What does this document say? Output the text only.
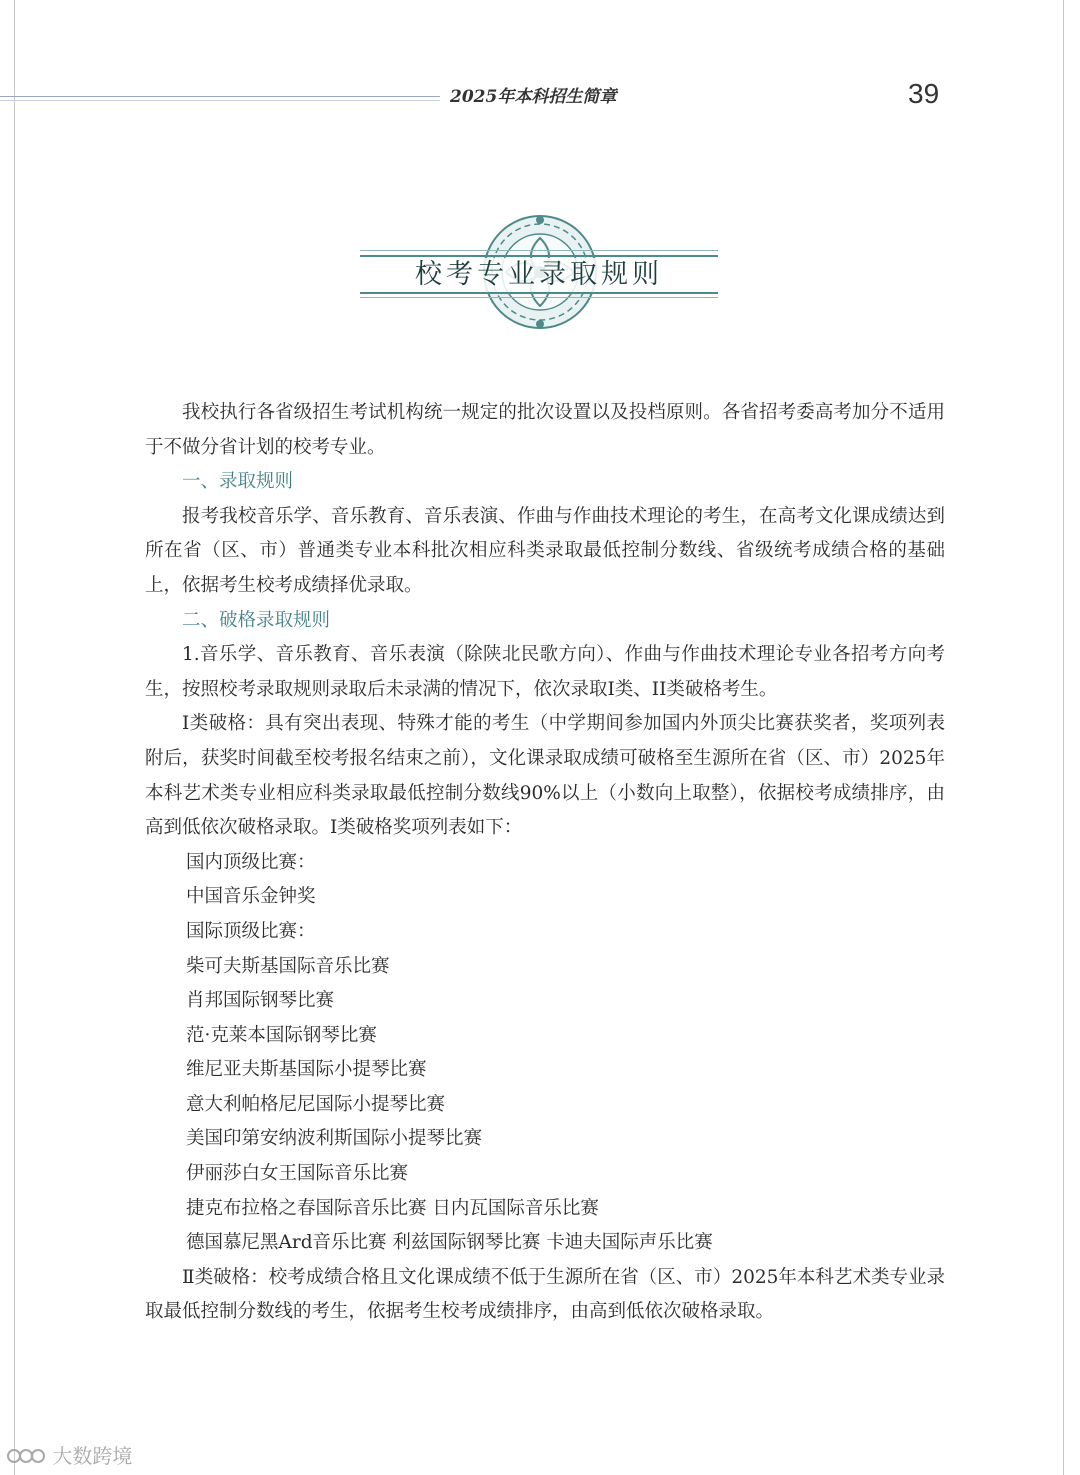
2025年本科招生简章	39
校考专业录取规则

我校执行各省级招生考试机构统一规定的批次设置以及投档原则。各省招考委高考加分不适用于不做分省计划的校考专业。

一、录取规则

报考我校音乐学、音乐教育、音乐表演、作曲与作曲技术理论的考生，在高考文化课成绩达到所在省（区、市）普通类专业本科批次相应科类录取最低控制分数线、省级统考成绩合格的基础上，依据考生校考成绩择优录取。

二、破格录取规则

1.音乐学、音乐教育、音乐表演（除陕北民歌方向）、作曲与作曲技术理论专业各招考方向考生，按照校考录取规则录取后未录满的情况下，依次录取I类、II类破格考生。

I类破格：具有突出表现、特殊才能的考生（中学期间参加国内外顶尖比赛获奖者，奖项列表附后，获奖时间截至校考报名结束之前），文化课录取成绩可破格至生源所在省（区、市）2025年本科艺术类专业相应科类录取最低控制分数线90%以上（小数向上取整），依据校考成绩排序，由高到低依次破格录取。Ⅰ类破格奖项列表如下：

国内顶级比赛：
中国音乐金钟奖
国际顶级比赛：
柴可夫斯基国际音乐比赛
肖邦国际钢琴比赛
范·克莱本国际钢琴比赛
维尼亚夫斯基国际小提琴比赛
意大利帕格尼尼国际小提琴比赛
美国印第安纳波利斯国际小提琴比赛
伊丽莎白女王国际音乐比赛
捷克布拉格之春国际音乐比赛 日内瓦国际音乐比赛
德国慕尼黑Ard音乐比赛 利兹国际钢琴比赛 卡迪夫国际声乐比赛

Ⅱ类破格：校考成绩合格且文化课成绩不低于生源所在省（区、市）2025年本科艺术类专业录取最低控制分数线的考生，依据考生校考成绩排序，由高到低依次破格录取。

大数跨境
